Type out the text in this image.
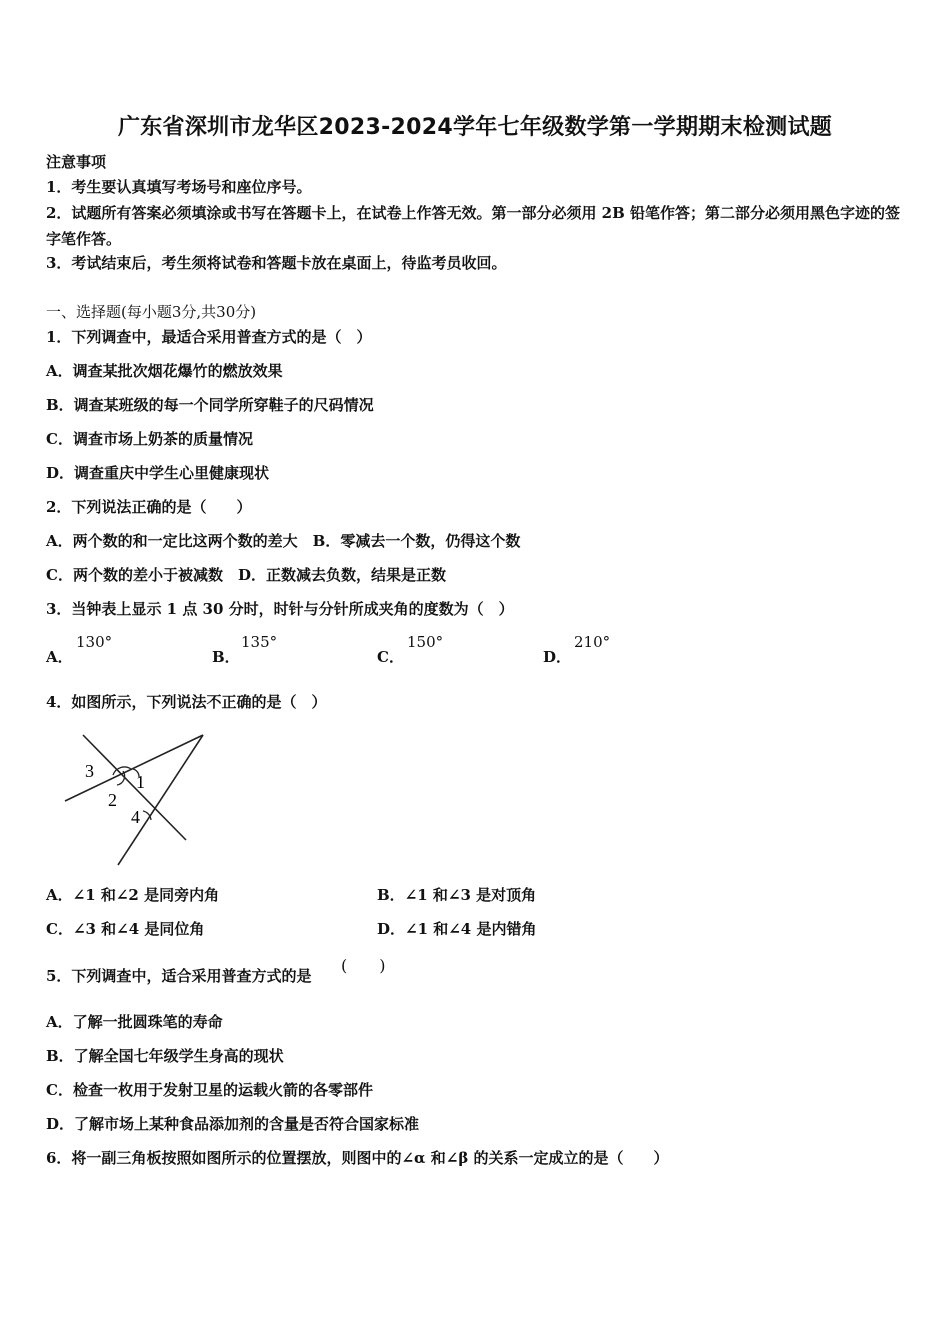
广东省深圳市龙华区2023-2024学年七年级数学第一学期期末检测试题
注意事项
1．考生要认真填写考场号和座位序号。
2．试题所有答案必须填涂或书写在答题卡上，在试卷上作答无效。第一部分必须用 2B 铅笔作答；第二部分必须用黑色字迹的签字笔作答。
3．考试结束后，考生须将试卷和答题卡放在桌面上，待监考员收回。
一、选择题(每小题3分,共30分)
1．下列调查中，最适合采用普查方式的是（　）
A．调查某批次烟花爆竹的燃放效果
B．调查某班级的每一个同学所穿鞋子的尺码情况
C．调查市场上奶茶的质量情况
D．调查重庆中学生心里健康现状
2．下列说法正确的是（　　）
A．两个数的和一定比这两个数的差大　B．零减去一个数，仍得这个数
C．两个数的差小于被减数　D．正数减去负数，结果是正数
3．当钟表上显示 1 点 30 分时，时针与分针所成夹角的度数为（　）
A．
130°
B．
135°
C．
150°
D．
210°
4．如图所示，下列说法不正确的是（　）
3
1
2
4
A．∠1 和∠2 是同旁内角	B．∠1 和∠3 是对顶角
C．∠3 和∠4 是同位角	D．∠1 和∠4 是内错角
5．下列调查中，适合采用普查方式的是
(　　)
A．了解一批圆珠笔的寿命
B．了解全国七年级学生身高的现状
C．检查一枚用于发射卫星的运载火箭的各零部件
D．了解市场上某种食品添加剂的含量是否符合国家标准
6．将一副三角板按照如图所示的位置摆放，则图中的∠α 和∠β 的关系一定成立的是（　　）
